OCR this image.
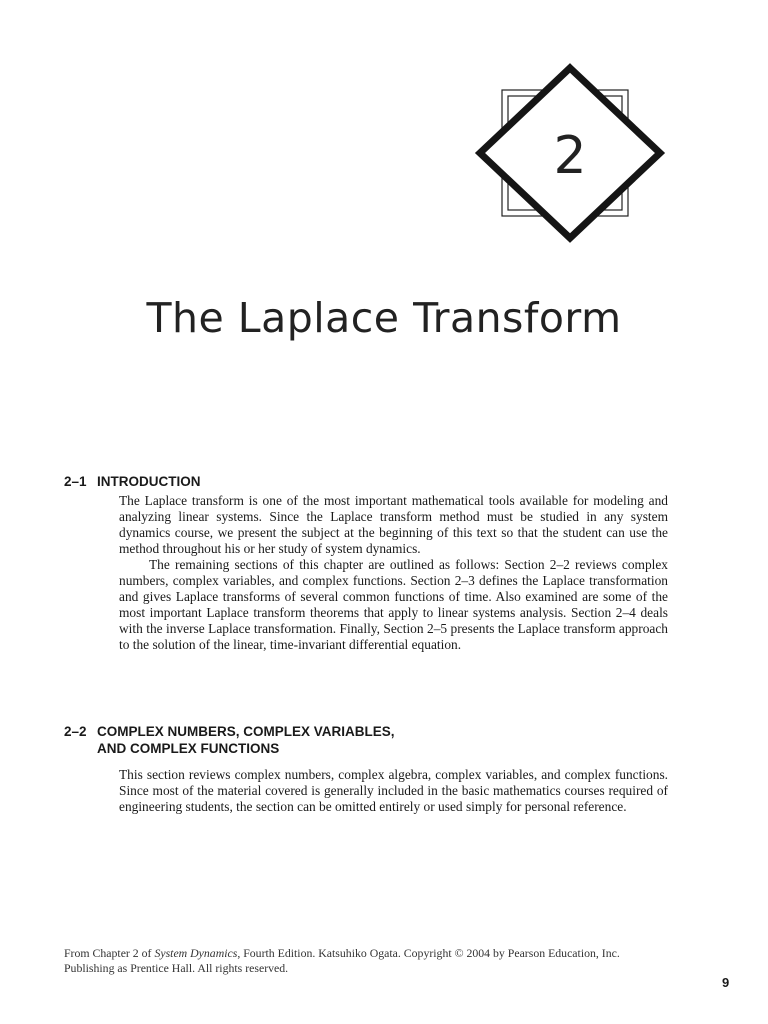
2
The Laplace Transform
2–1 INTRODUCTION

The Laplace transform is one of the most important mathematical tools available for modeling and analyzing linear systems. Since the Laplace transform method must be studied in any system dynamics course, we present the subject at the beginning of this text so that the student can use the method throughout his or her study of system dynamics.

The remaining sections of this chapter are outlined as follows: Section 2–2 reviews complex numbers, complex variables, and complex functions. Section 2–3 defines the Laplace transformation and gives Laplace transforms of several common functions of time. Also examined are some of the most important Laplace transform theorems that apply to linear systems analysis. Section 2–4 deals with the inverse Laplace transformation. Finally, Section 2–5 presents the Laplace transform approach to the solution of the linear, time-invariant differential equation.

2–2 COMPLEX NUMBERS, COMPLEX VARIABLES,
AND COMPLEX FUNCTIONS

This section reviews complex numbers, complex algebra, complex variables, and complex functions. Since most of the material covered is generally included in the basic mathematics courses required of engineering students, the section can be omitted entirely or used simply for personal reference.

From Chapter 2 of System Dynamics, Fourth Edition. Katsuhiko Ogata. Copyright © 2004 by Pearson Education, Inc. Publishing as Prentice Hall. All rights reserved.

9
